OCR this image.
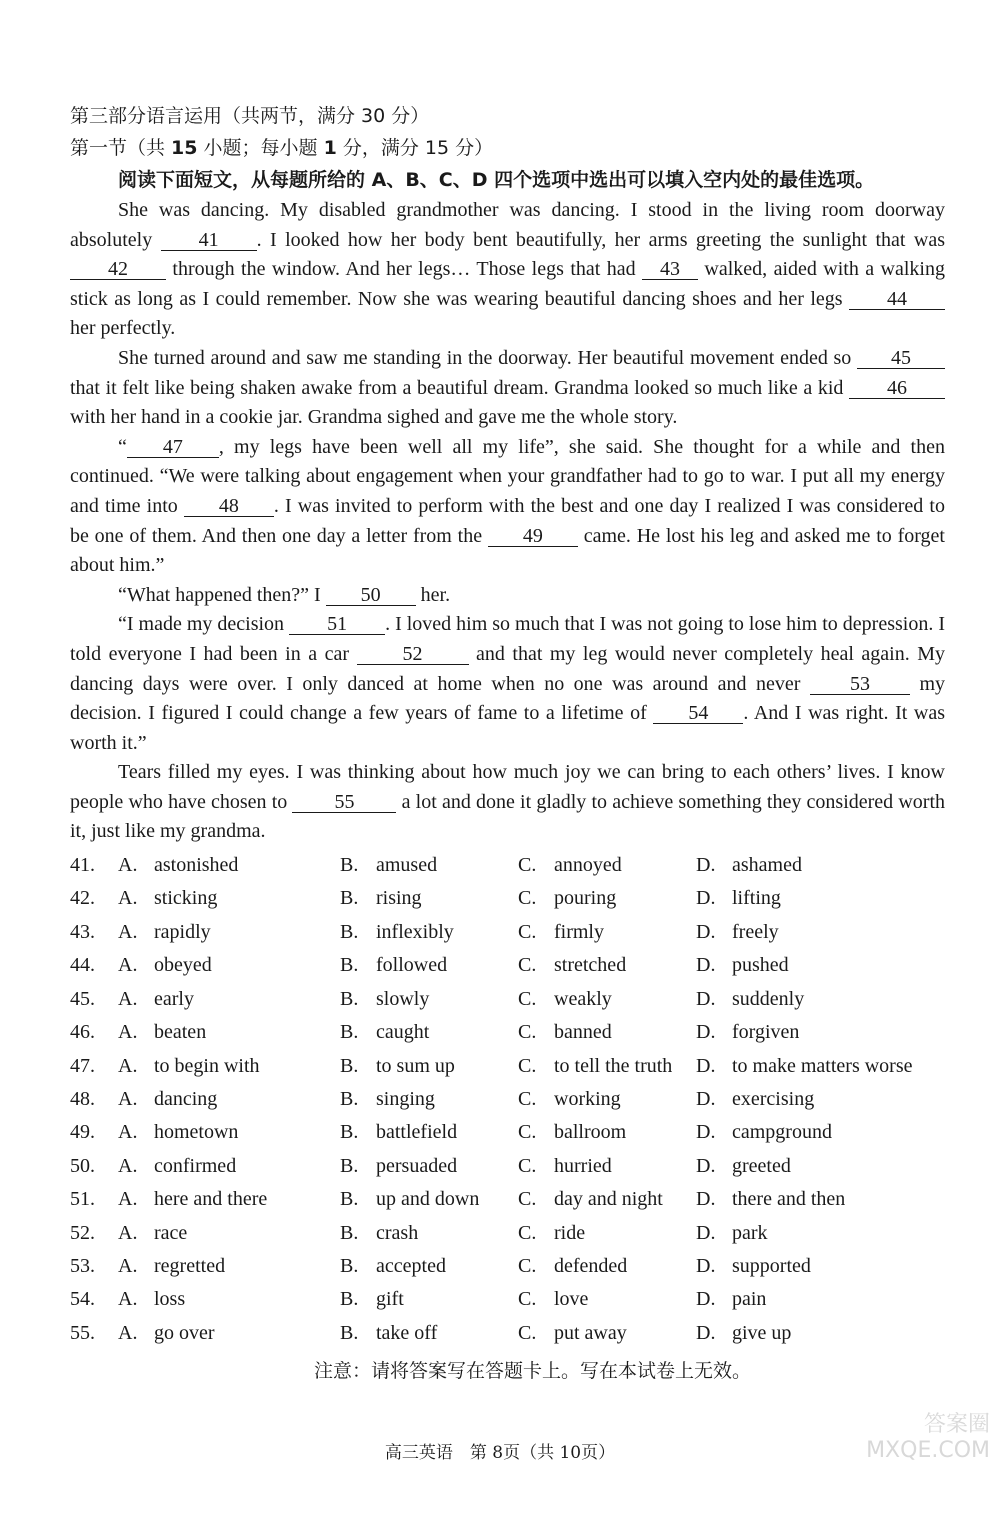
第三部分语言运用（共两节，满分 30 分）
第一节（共 15 小题；每小题 1 分，满分 15 分）
阅读下面短文，从每题所给的 A、B、C、D 四个选项中选出可以填入空内处的最佳选项。

She was dancing. My disabled grandmother was dancing. I stood in the living room doorway absolutely 41 . I looked how her body bent beautifully, her arms greeting the sunlight that was 42 through the window. And her legs… Those legs that had 43 walked, aided with a walking stick as long as I could remember. Now she was wearing beautiful dancing shoes and her legs 44 her perfectly.

She turned around and saw me standing in the doorway. Her beautiful movement ended so 45 that it felt like being shaken awake from a beautiful dream. Grandma looked so much like a kid 46 with her hand in a cookie jar. Grandma sighed and gave me the whole story.

“ 47 , my legs have been well all my life”, she said. She thought for a while and then continued. “We were talking about engagement when your grandfather had to go to war. I put all my energy and time into 48 . I was invited to perform with the best and one day I realized I was considered to be one of them. And then one day a letter from the 49 came. He lost his leg and asked me to forget about him.”

“What happened then?” I 50 her.

“I made my decision 51 . I loved him so much that I was not going to lose him to depression. I told everyone I had been in a car 52 and that my leg would never completely heal again. My dancing days were over. I only danced at home when no one was around and never 53 my decision. I figured I could change a few years of fame to a lifetime of 54 . And I was right. It was worth it.”

Tears filled my eyes. I was thinking about how much joy we can bring to each others’ lives. I know people who have chosen to 55 a lot and done it gladly to achieve something they considered worth it, just like my grandma.

41.	A. astonished	B. amused	C. annoyed	D. ashamed
42.	A. sticking	B. rising	C. pouring	D. lifting
43.	A. rapidly	B. inflexibly	C. firmly	D. freely
44.	A. obeyed	B. followed	C. stretched	D. pushed
45.	A. early	B. slowly	C. weakly	D. suddenly
46.	A. beaten	B. caught	C. banned	D. forgiven
47.	A. to begin with	B. to sum up	C. to tell the truth	D. to make matters worse
48.	A. dancing	B. singing	C. working	D. exercising
49.	A. hometown	B. battlefield	C. ballroom	D. campground
50.	A. confirmed	B. persuaded	C. hurried	D. greeted
51.	A. here and there	B. up and down	C. day and night	D. there and then
52.	A. race	B. crash	C. ride	D. park
53.	A. regretted	B. accepted	C. defended	D. supported
54.	A. loss	B. gift	C. love	D. pain
55.	A. go over	B. take off	C. put away	D. give up
注意：请将答案写在答题卡上。写在本试卷上无效。
高三英语　第 8页（共 10页）
答案圈
MXQE.COM
